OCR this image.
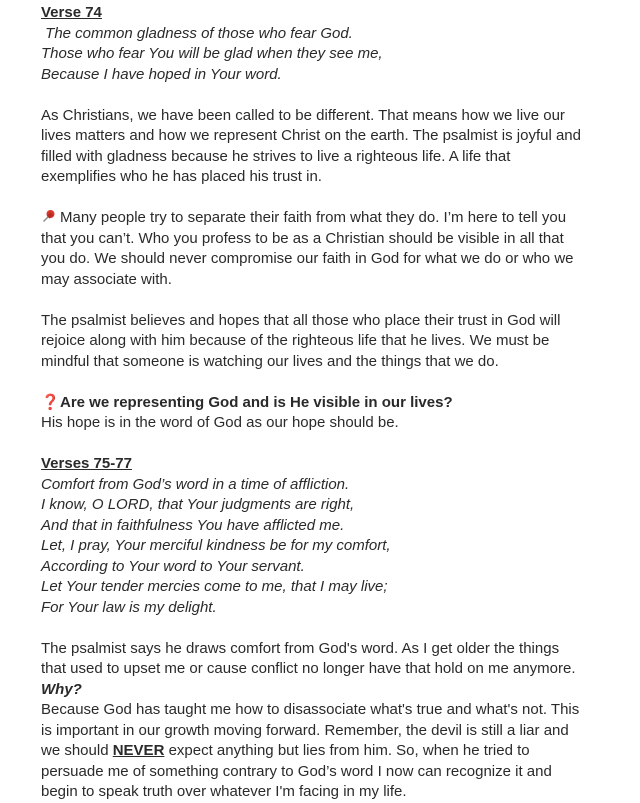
Verse 74
The common gladness of those who fear God.
Those who fear You will be glad when they see me,
Because I have hoped in Your word.
As Christians, we have been called to be different. That means how we live our
lives matters and how we represent Christ on the earth. The psalmist is joyful and
filled with gladness because he strives to live a righteous life. A life that
exemplifies who he has placed his trust in.
Many people try to separate their faith from what they do. I’m here to tell you
that you can’t. Who you profess to be as a Christian should be visible in all that
you do. We should never compromise our faith in God for what we do or who we
may associate with.
The psalmist believes and hopes that all those who place their trust in God will
rejoice along with him because of the righteous life that he lives. We must be
mindful that someone is watching our lives and the things that we do.
❓Are we representing God and is He visible in our lives?
His hope is in the word of God as our hope should be.
Verses 75-77
Comfort from God’s word in a time of affliction.
I know, O LORD, that Your judgments are right,
And that in faithfulness You have afflicted me.
Let, I pray, Your merciful kindness be for my comfort,
According to Your word to Your servant.
Let Your tender mercies come to me, that I may live;
For Your law is my delight.
The psalmist says he draws comfort from God's word. As I get older the things
that used to upset me or cause conflict no longer have that hold on me anymore.
Why?
Because God has taught me how to disassociate what's true and what's not. This
is important in our growth moving forward. Remember, the devil is still a liar and
we should NEVER expect anything but lies from him. So, when he tried to
persuade me of something contrary to God’s word I now can recognize it and
begin to speak truth over whatever I'm facing in my life.
